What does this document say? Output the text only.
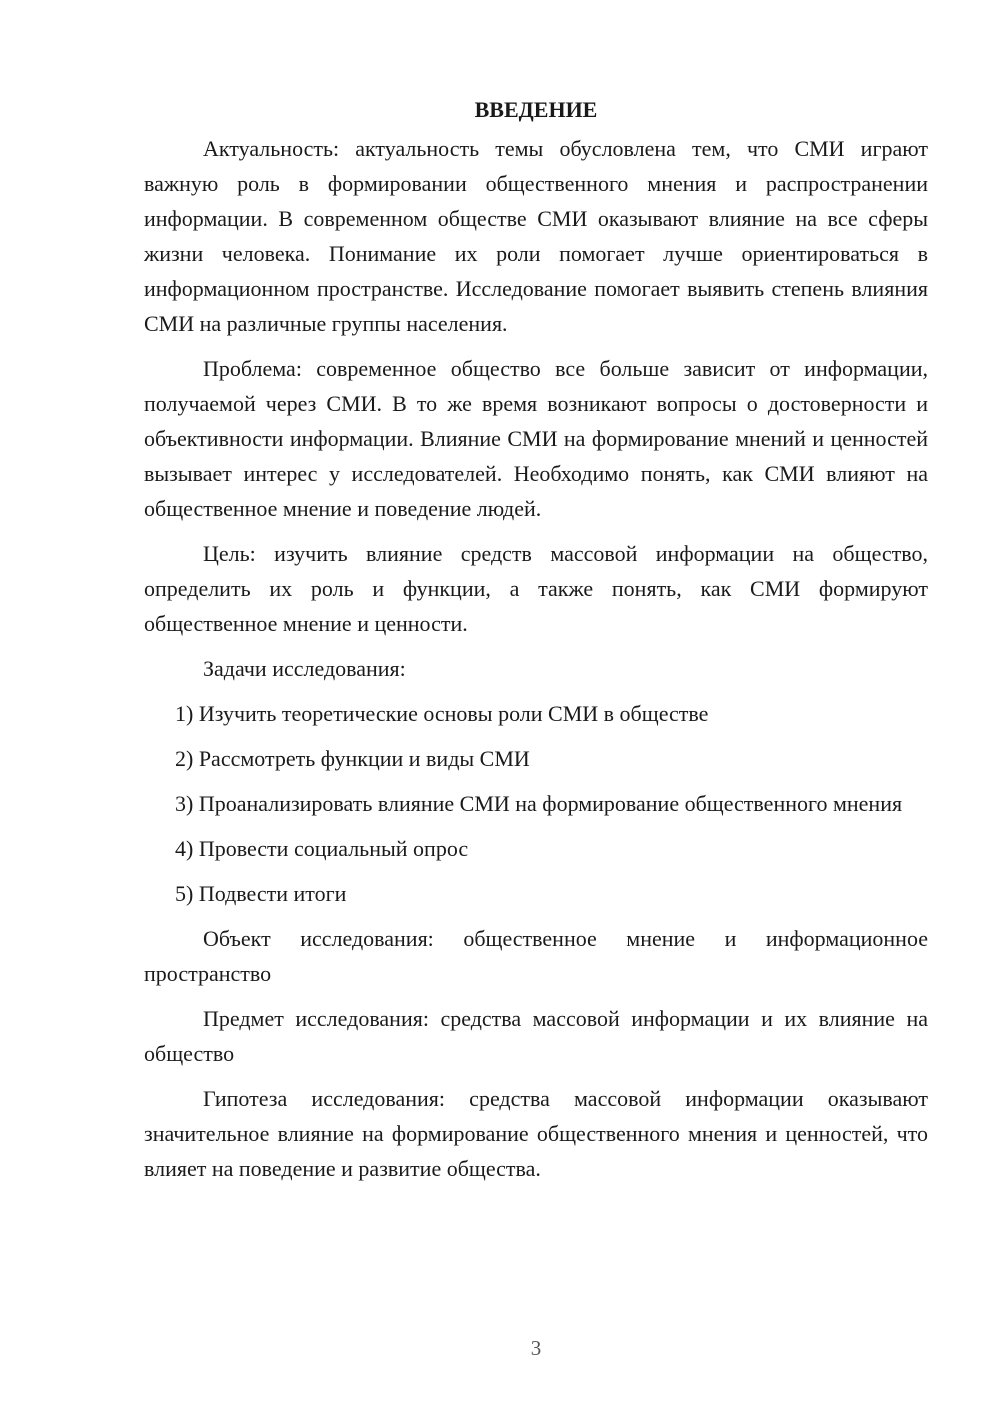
ВВЕДЕНИЕ

Актуальность: актуальность темы обусловлена тем, что СМИ играют важную роль в формировании общественного мнения и распространении информации. В современном обществе СМИ оказывают влияние на все сферы жизни человека. Понимание их роли помогает лучше ориентироваться в информационном пространстве. Исследование помогает выявить степень влияния СМИ на различные группы населения.

Проблема: современное общество все больше зависит от информации, получаемой через СМИ. В то же время возникают вопросы о достоверности и объективности информации. Влияние СМИ на формирование мнений и ценностей вызывает интерес у исследователей. Необходимо понять, как СМИ влияют на общественное мнение и поведение людей.

Цель: изучить влияние средств массовой информации на общество, определить их роль и функции, а также понять, как СМИ формируют общественное мнение и ценности.

Задачи исследования:

1) Изучить теоретические основы роли СМИ в обществе

2) Рассмотреть функции и виды СМИ

3) Проанализировать влияние СМИ на формирование общественного мнения

4) Провести социальный опрос

5) Подвести итоги

Объект исследования: общественное мнение и информационное пространство

Предмет исследования: средства массовой информации и их влияние на общество

Гипотеза исследования: средства массовой информации оказывают значительное влияние на формирование общественного мнения и ценностей, что влияет на поведение и развитие общества.

3
